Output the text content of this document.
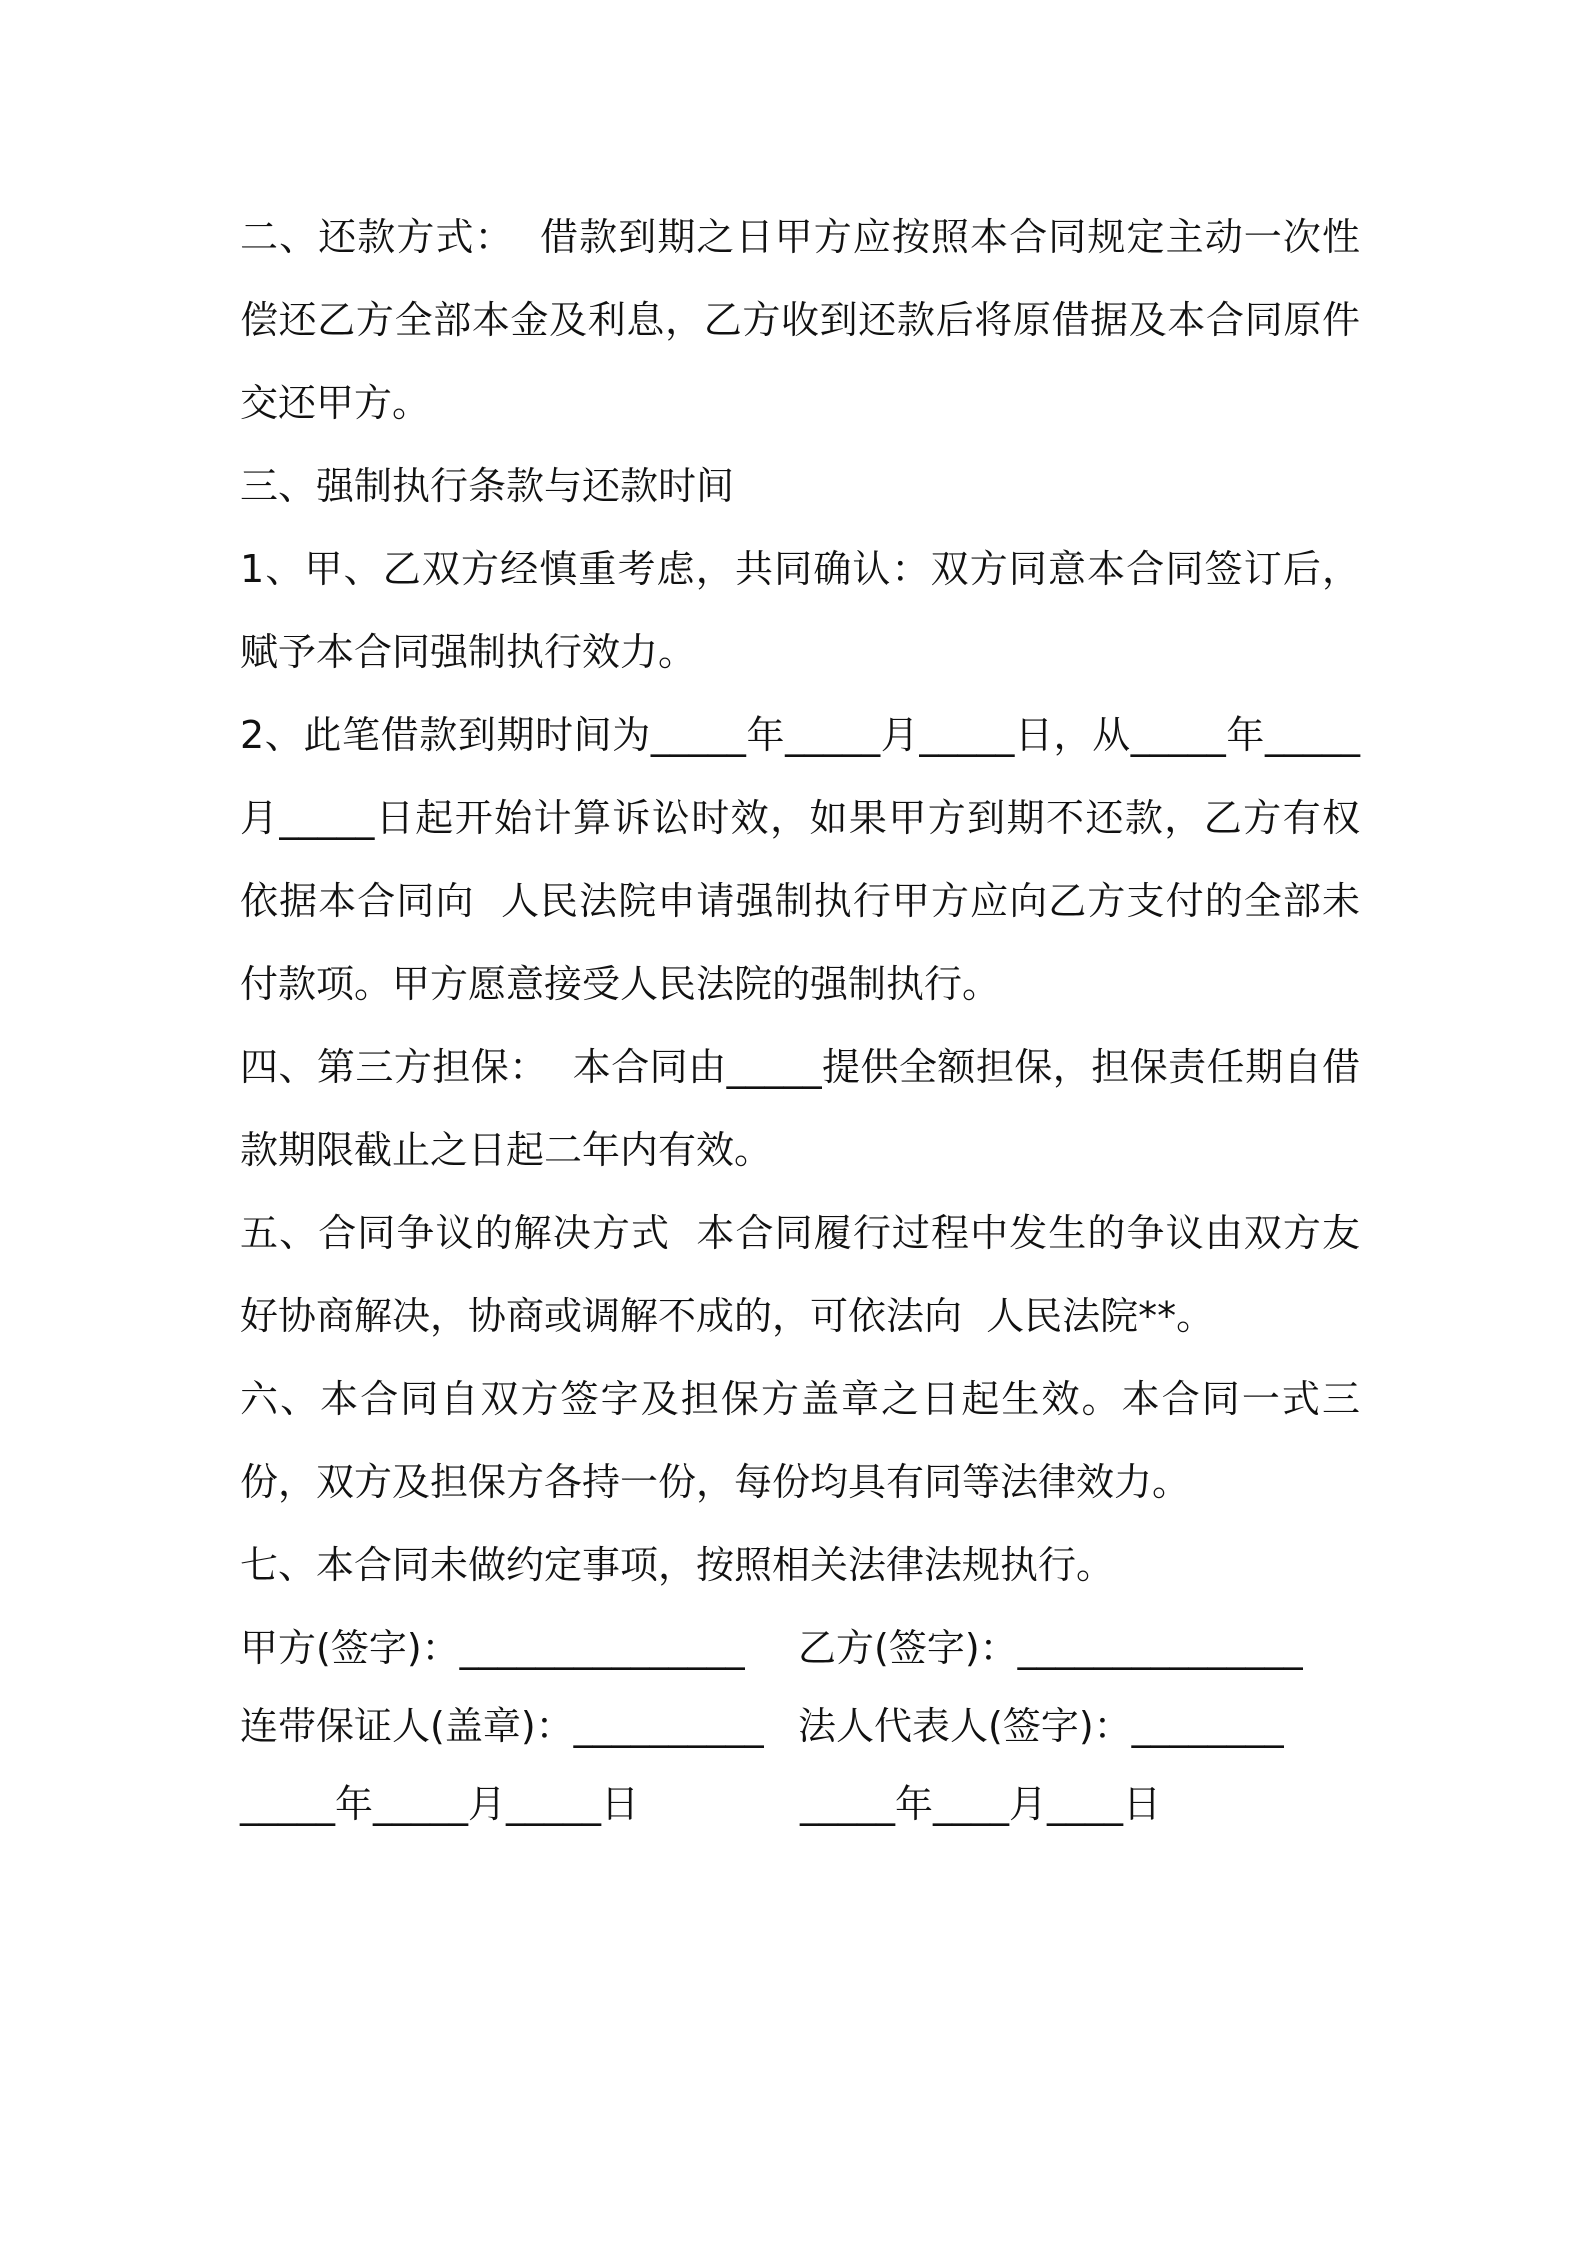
二、还款方式：  借款到期之日甲方应按照本合同规定主动一次性偿还乙方全部本金及利息，乙方收到还款后将原借据及本合同原件交还甲方。

三、强制执行条款与还款时间

1、甲、乙双方经慎重考虑，共同确认：双方同意本合同签订后，赋予本合同强制执行效力。

2、此笔借款到期时间为_____年_____月_____日，从_____年_____月_____日起开始计算诉讼时效，如果甲方到期不还款，乙方有权依据本合同向  人民法院申请强制执行甲方应向乙方支付的全部未付款项。甲方愿意接受人民法院的强制执行。

四、第三方担保：  本合同由_____提供全额担保，担保责任期自借款期限截止之日起二年内有效。

五、合同争议的解决方式  本合同履行过程中发生的争议由双方友好协商解决，协商或调解不成的，可依法向  人民法院**。

六、本合同自双方签字及担保方盖章之日起生效。本合同一式三份，双方及担保方各持一份，每份均具有同等法律效力。

七、本合同未做约定事项，按照相关法律法规执行。

甲方(签字)：_______________	乙方(签字)：_______________
连带保证人(盖章)：__________ 法人代表人(签字)：________
_____年_____月_____日	_____年____月____日
